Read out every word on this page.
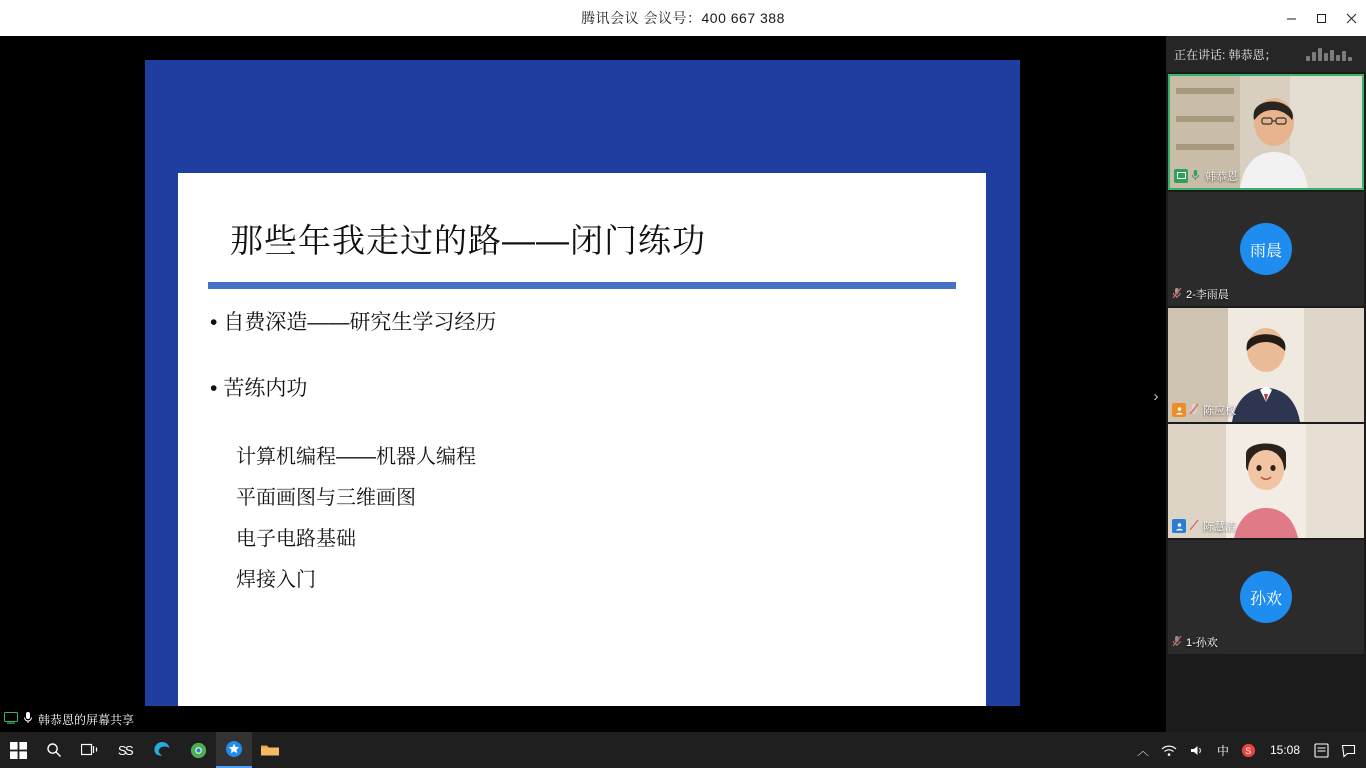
腾讯会议 会议号：400 667 388
那些年我走过的路——闭门练功
• 自费深造——研究生学习经历
• 苦练内功
计算机编程——机器人编程
平面画图与三维画图
电子电路基础
焊接入门
›
韩恭恩的屏幕共享
正在讲话: 韩恭恩；
韩恭恩
雨晨
2-李雨晨
陈应权
陈慧洁
孙欢
1-孙欢
S
S	︿	中	S	15:08
